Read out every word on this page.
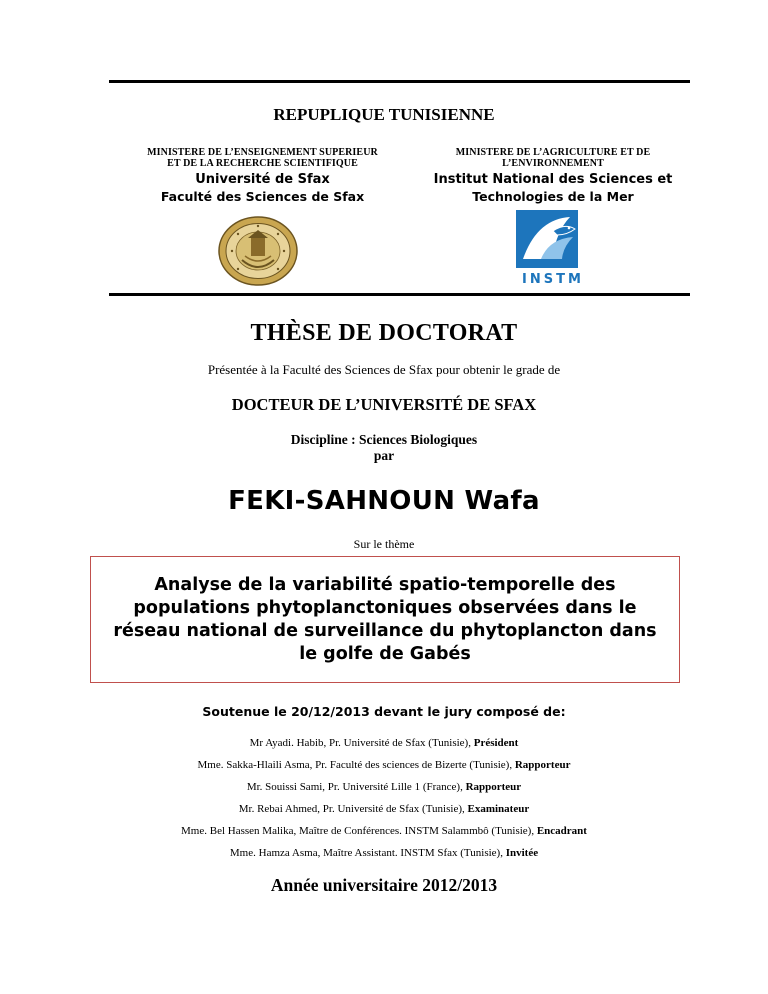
REPUPLIQUE TUNISIENNE
MINISTERE DE L’ENSEIGNEMENT SUPERIEUR
ET DE LA RECHERCHE SCIENTIFIQUE
Université de Sfax
Faculté des Sciences de Sfax
MINISTERE DE L’AGRICULTURE ET DE
L’ENVIRONNEMENT
Institut National des Sciences et
Technologies de la Mer
INSTM
THÈSE DE DOCTORAT
Présentée à la Faculté des Sciences de Sfax pour obtenir le grade de
DOCTEUR DE L’UNIVERSITÉ DE SFAX
Discipline : Sciences Biologiques
par
FEKI-SAHNOUN Wafa
Sur le thème
Analyse de la variabilité spatio-temporelle des
populations phytoplanctoniques observées dans le
réseau national de surveillance du phytoplancton dans
le golfe de Gabés
Soutenue le 20/12/2013 devant le jury composé de:
Mr Ayadi. Habib, Pr. Université de Sfax (Tunisie), Président
Mme. Sakka-Hlaili Asma, Pr. Faculté des sciences de Bizerte (Tunisie), Rapporteur
Mr. Souissi Sami, Pr. Université Lille 1 (France), Rapporteur
Mr. Rebai Ahmed, Pr. Université de Sfax (Tunisie), Examinateur
Mme. Bel Hassen Malika, Maître de Conférences. INSTM Salammbô (Tunisie), Encadrant
Mme. Hamza Asma, Maître Assistant. INSTM Sfax (Tunisie), Invitée
Année universitaire 2012/2013
